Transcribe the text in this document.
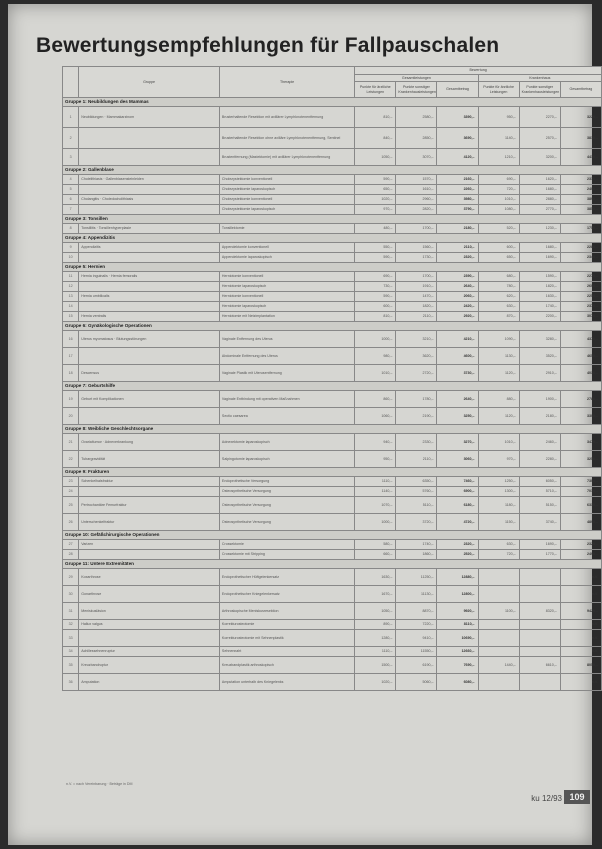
Bewertungsempfehlungen für Fallpauschalen
	Gruppe	Therapie	Bewertung					
			Gesamtleistungen			Krankenhaus		
			Punkte für ärztliche Leistungen	Punkte sonstiger Krankenhausleistungen	Gesamtbetrag	Punkte für ärztliche Leistungen	Punkte sonstiger Krankenhausleistungen	Gesamtbetrag
Gruppe 1: Neubildungen des Mammas								
1	Neubildungen · Mammakarzinom	Brusterhaltende Resektion mit axillärer Lymphknotenentfernung	810,–	2580,–	3390,–	950,–	2270,–	3220,–
2		Brusterhaltende Resektion ohne axilläre Lymphknotenentfernung, Sentinel	840,–	2850,–	3690,–	1140,–	2570,–	3810,–
3		Brustentfernung (Mastektomie) mit axillärer Lymphknotenentfernung	1050,–	3070,–	4120,–	1210,–	3200,–	4410,–
Gruppe 2: Gallenblase								
4	Cholelithiasis · Gallenblasensteinleiden	Cholezystektomie konventionell	590,–	1570,–	2160,–	690,–	1620,–	2310,–
5		Cholezystektomie laparoskopisch	650,–	1610,–	2260,–	720,–	1680,–	2400,–
6	Cholangitis · Choledocholithiasis	Cholezystektomie konventionell	1020,–	2960,–	3980,–	1010,–	2880,–	3890,–
7		Cholezystektomie laparoskopisch	970,–	2820,–	3790,–	1080,–	2770,–	3850,–
Gruppe 3: Tonsillen								
8	Tonsillitis · Tonsillenhyperplasie	Tonsillektomie	480,–	1700,–	2180,–	520,–	1230,–	1750,–
Gruppe 4: Appendizitis								
9	Appendizitis	Appendektomie konventionell	550,–	1560,–	2110,–	600,–	1680,–	2280,–
10		Appendektomie laparoskopisch	590,–	1730,–	2320,–	650,–	1690,–	2340,–
Gruppe 5: Hernien								
11	Hernia inguinalis · Hernia femoralis	Herniotomie konventionell	690,–	1700,–	2390,–	680,–	1590,–	2270,–
12		Herniotomie laparoskopisch	730,–	1910,–	2640,–	780,–	1820,–	2600,–
13	Hernia umbilicalis	Herniotomie konventionell	590,–	1470,–	2060,–	620,–	1630,–	2250,–
14		Herniotomie laparoskopisch	600,–	1820,–	2420,–	630,–	1740,–	2370,–
15	Hernia ventralis	Herniotomie mit Netzimplantation	810,–	2110,–	2920,–	870,–	2200,–	3070,–
Gruppe 6: Gynäkologische Operationen								
16	Uterus myomatosus · Blutungsstörungen	Vaginale Entfernung des Uterus	1000,–	3210,–	4210,–	1090,–	3280,–	4370,–
17		Abdominale Entfernung des Uterus	980,–	3620,–	4600,–	1130,–	3520,–	4650,–
18	Descensus	Vaginale Plastik mit Uterusentfernung	1010,–	2720,–	3730,–	1120,–	2910,–	4030,–
Gruppe 7: Geburtshilfe								
19	Geburt mit Komplikationen	Vaginale Entbindung mit operativen Maßnahmen	860,–	1780,–	2640,–	880,–	1900,–	2780,–
20		Sectio caesarea	1060,–	2190,–	3250,–	1120,–	2180,–	3300,–
Gruppe 8: Weibliche Geschlechtsorgane								
21	Ovarialtumor · Adnexerkrankung	Adnexektomie laparoskopisch	940,–	2330,–	3270,–	1010,–	2460,–	3470,–
22	Tubargravidität	Salpingotomie laparoskopisch	950,–	2110,–	3060,–	970,–	2280,–	3250,–
Gruppe 9: Frakturen								
23	Schenkelhalsfraktur	Endoprothetische Versorgung	1110,–	6350,–	7460,–	1250,–	6050,–	7300,–
24		Osteosynthetische Versorgung	1140,–	5760,–	6900,–	1300,–	5710,–	7010,–
25	Pertrochantäre Femurfraktur	Osteosynthetische Versorgung	1070,–	5110,–	6180,–	1180,–	5150,–	6330,–
26	Unterschenkelfraktur	Osteosynthetische Versorgung	1000,–	3720,–	4720,–	1150,–	3740,–	4890,–
Gruppe 10: Gefäßchirurgische Operationen								
27	Varizen	Crossektomie	580,–	1740,–	2320,–	630,–	1690,–	2320,–
28		Crossektomie mit Stripping	660,–	1860,–	2520,–	720,–	1770,–	2490,–
Gruppe 11: Untere Extremitäten								
29	Koxarthrose	Endoprothetischer Hüftgelenkersatz	1630,–	11250,–	12880,–			n.V.
30	Gonarthrose	Endoprothetischer Kniegelenkersatz	1670,–	11130,–	12800,–			n.V.
31	Meniskusläsion	Arthroskopische Meniskusresektion	1050,–	8870,–	9920,–	1100,–	8320,–	9420,–
32	Hallux valgus	Korrekturosteotomie	890,–	7220,–	8110,–			n.V.
33		Korrekturosteotomie mit Sehnenplastik	1280,–	9410,–	10690,–			n.V.
34	Achillessehnenruptur	Sehnennaht	1110,–	11550,–	12660,–			n.V.
35	Kreuzbandruptur	Kreuzbandplastik arthroskopisch	1500,–	6190,–	7690,–	1440,–	6610,–	8050,–
36	Amputation	Amputation unterhalb des Kniegelenks	1020,–	5060,–	6080,–			n.V.
n.V. = nach Vereinbarung · Beträge in DM
ku 12/93 109
